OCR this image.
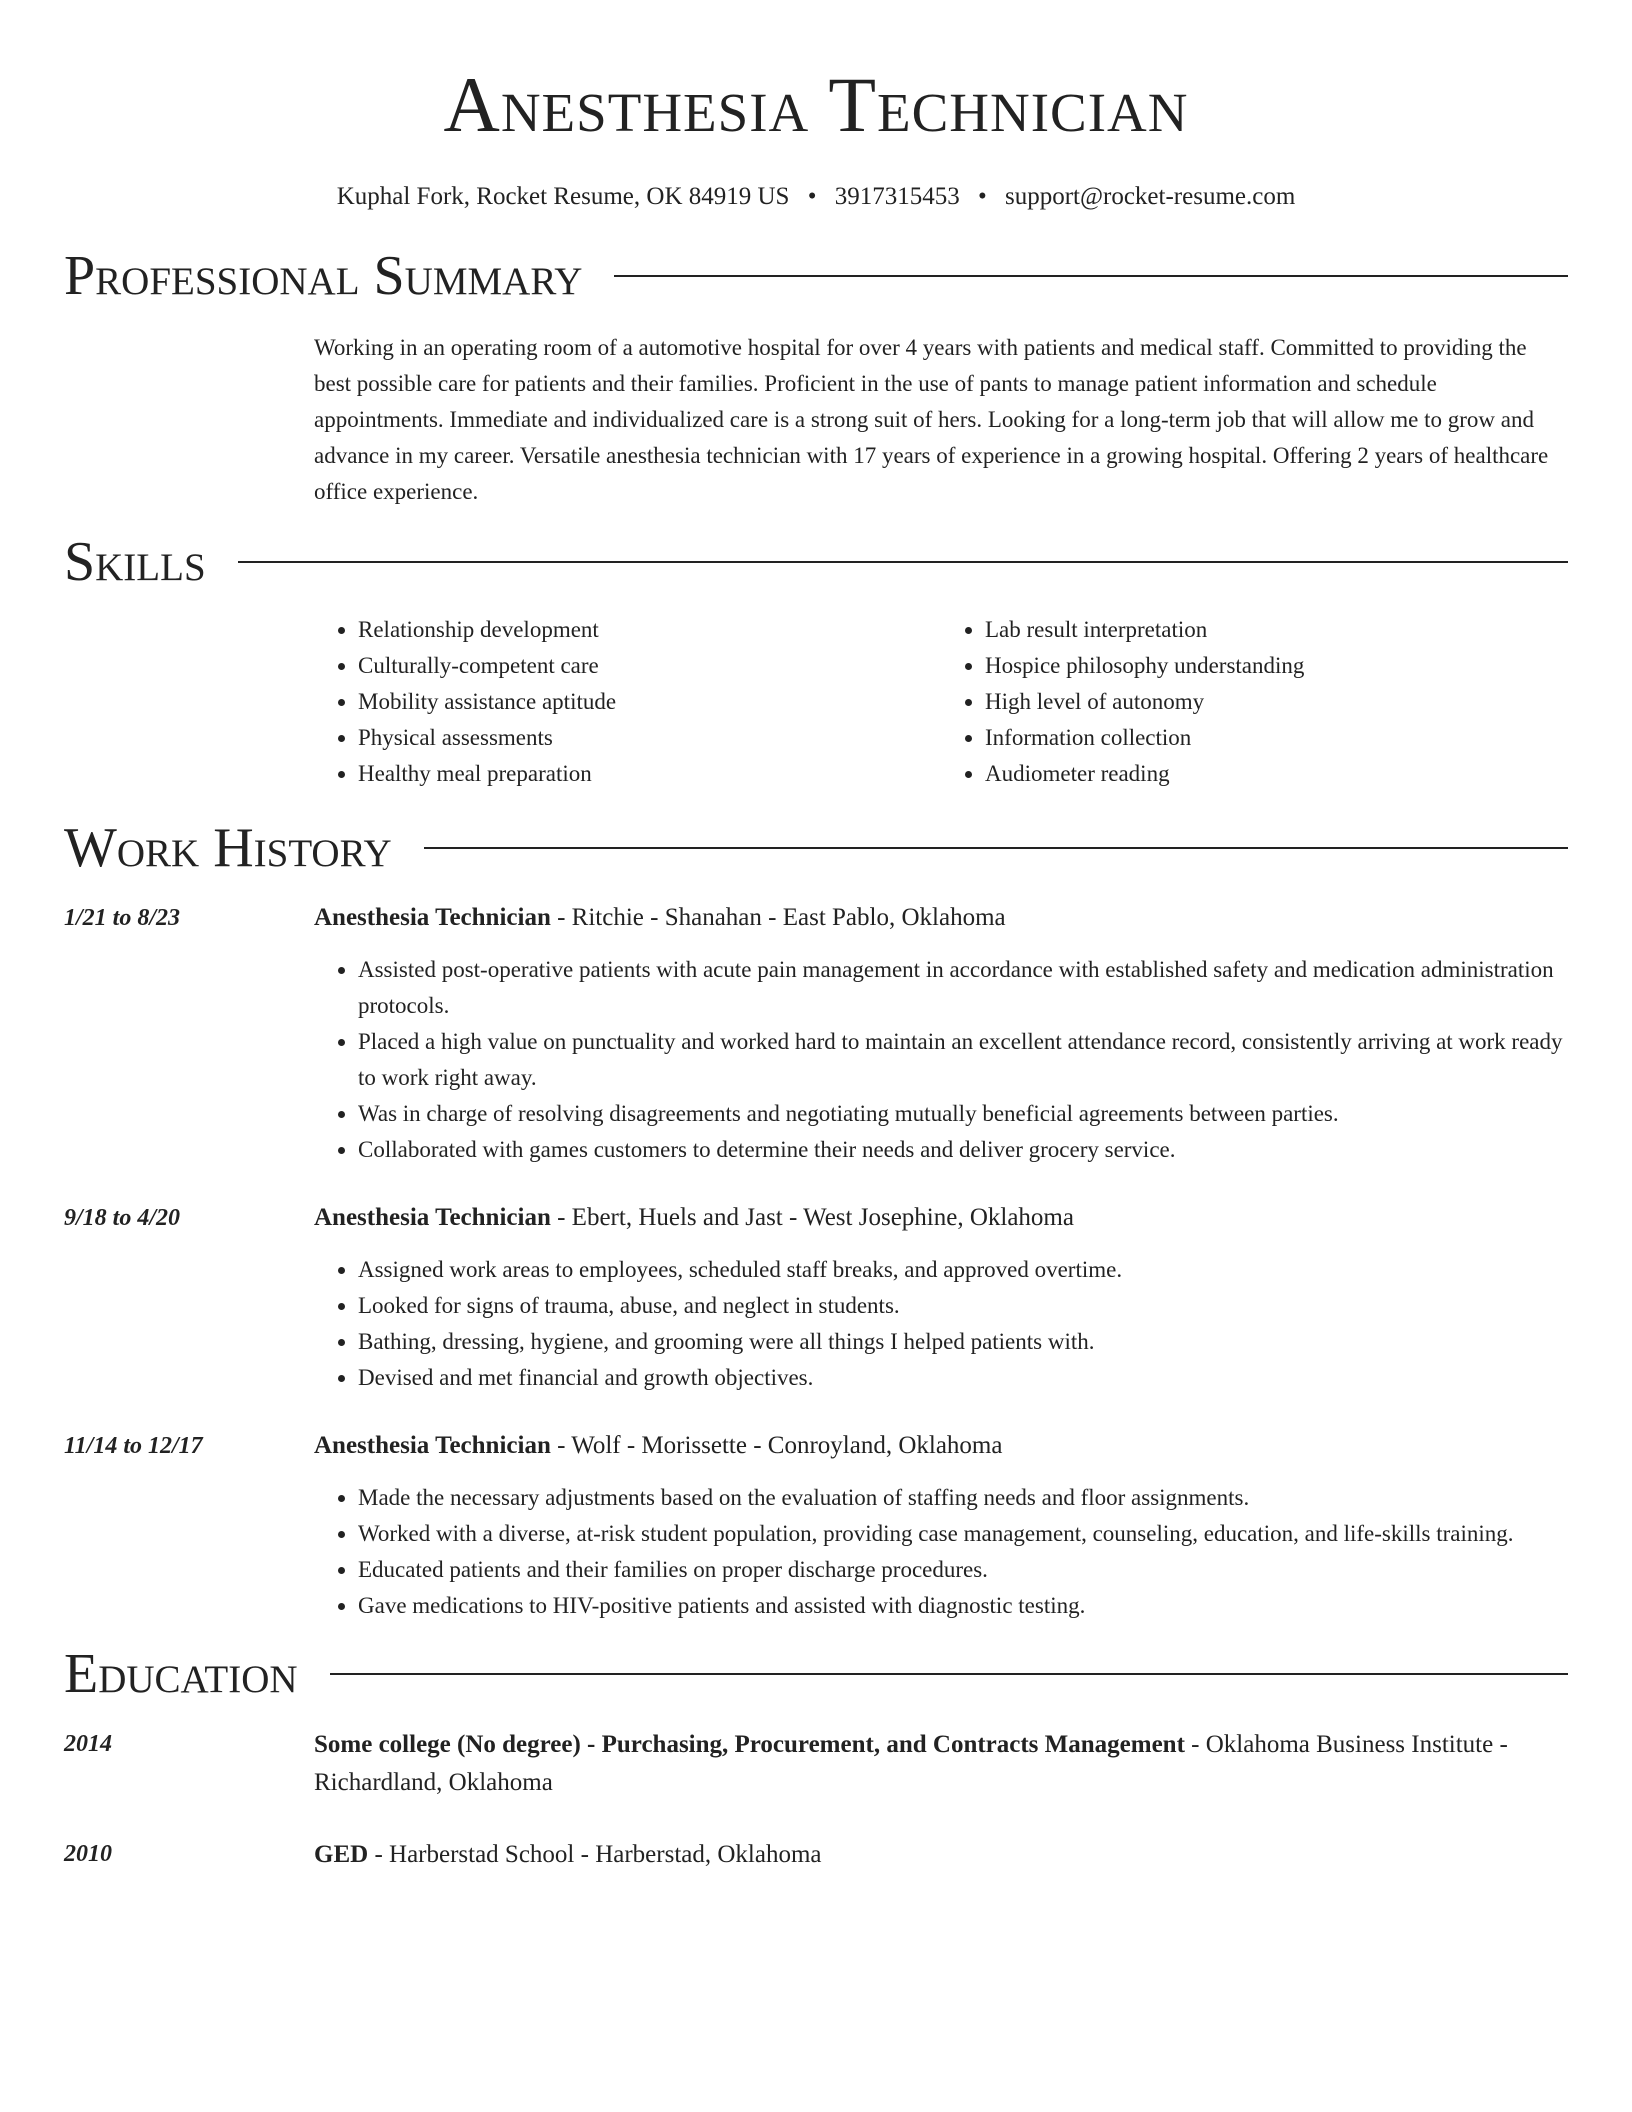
Anesthesia Technician
Kuphal Fork, Rocket Resume, OK 84919 US • 3917315453 • support@rocket-resume.com
Professional Summary
Working in an operating room of a automotive hospital for over 4 years with patients and medical staff. Committed to providing the best possible care for patients and their families. Proficient in the use of pants to manage patient information and schedule appointments. Immediate and individualized care is a strong suit of hers. Looking for a long-term job that will allow me to grow and advance in my career. Versatile anesthesia technician with 17 years of experience in a growing hospital. Offering 2 years of healthcare office experience.
Skills
• Relationship development
• Culturally-competent care
• Mobility assistance aptitude
• Physical assessments
• Healthy meal preparation
• Lab result interpretation
• Hospice philosophy understanding
• High level of autonomy
• Information collection
• Audiometer reading
Work History
1/21 to 8/23	Anesthesia Technician - Ritchie - Shanahan - East Pablo, Oklahoma
• Assisted post-operative patients with acute pain management in accordance with established safety and medication administration protocols.
• Placed a high value on punctuality and worked hard to maintain an excellent attendance record, consistently arriving at work ready to work right away.
• Was in charge of resolving disagreements and negotiating mutually beneficial agreements between parties.
• Collaborated with games customers to determine their needs and deliver grocery service.
9/18 to 4/20	Anesthesia Technician - Ebert, Huels and Jast - West Josephine, Oklahoma
• Assigned work areas to employees, scheduled staff breaks, and approved overtime.
• Looked for signs of trauma, abuse, and neglect in students.
• Bathing, dressing, hygiene, and grooming were all things I helped patients with.
• Devised and met financial and growth objectives.
11/14 to 12/17	Anesthesia Technician - Wolf - Morissette - Conroyland, Oklahoma
• Made the necessary adjustments based on the evaluation of staffing needs and floor assignments.
• Worked with a diverse, at-risk student population, providing case management, counseling, education, and life-skills training.
• Educated patients and their families on proper discharge procedures.
• Gave medications to HIV-positive patients and assisted with diagnostic testing.
Education
2014	Some college (No degree) - Purchasing, Procurement, and Contracts Management - Oklahoma Business Institute - Richardland, Oklahoma
2010	GED - Harberstad School - Harberstad, Oklahoma
